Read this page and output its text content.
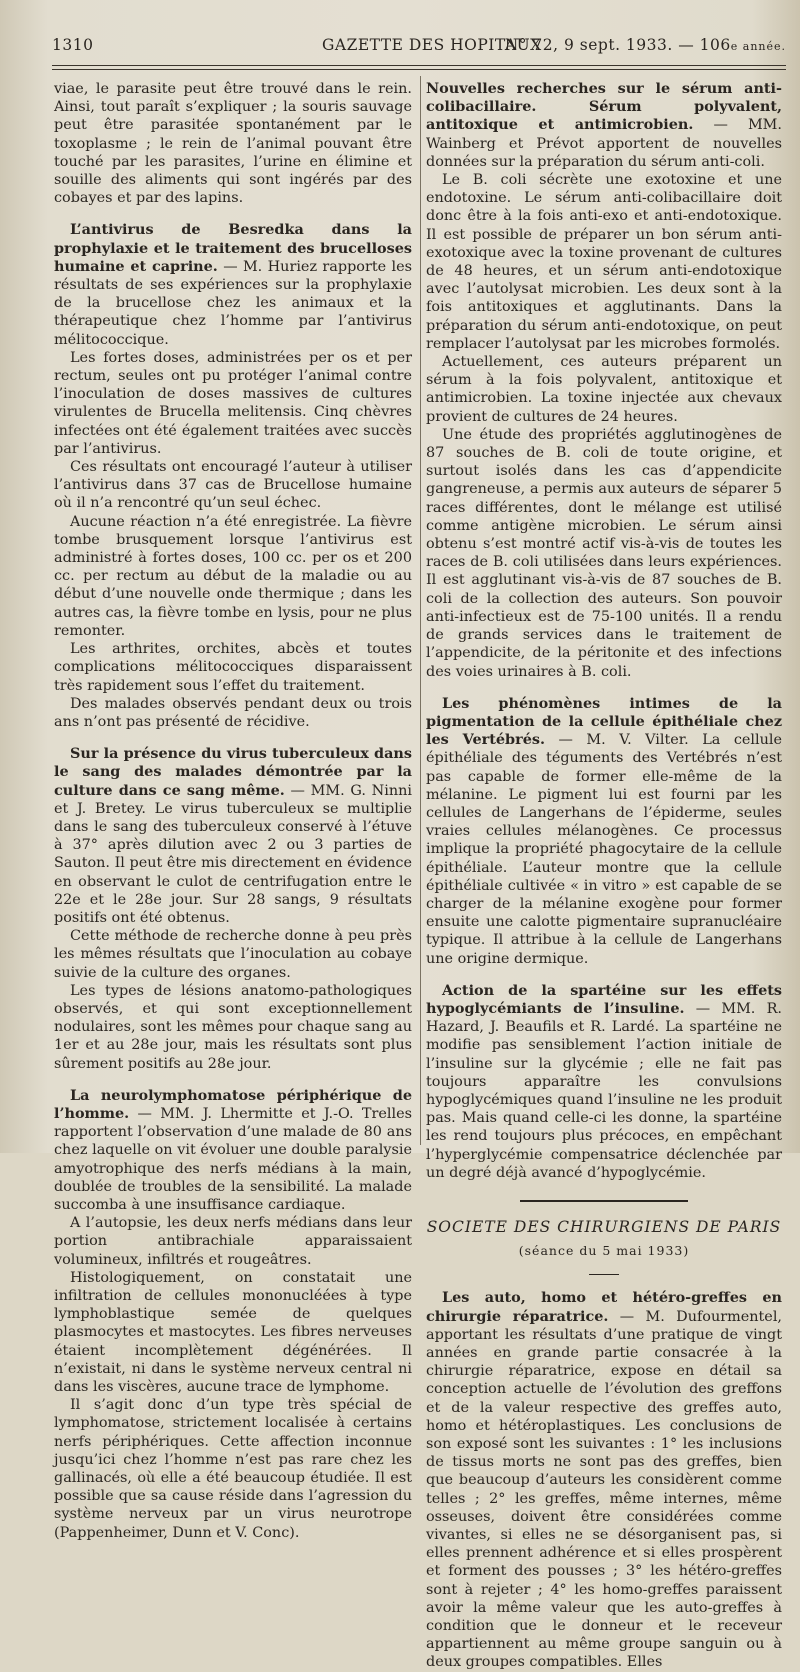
1310	GAZETTE DES HOPITAUX
N° 72, 9 sept. 1933. — 106e année.

viae, le parasite peut être trouvé dans le rein. Ainsi, tout paraît s’expliquer ; la souris sauvage peut être parasitée spontanément par le toxoplasme ; le rein de l’animal pouvant être touché par les parasites, l’urine en élimine et souille des aliments qui sont ingérés par des cobayes et par des lapins.

L’antivirus de Besredka dans la prophylaxie et le traitement des brucelloses humaine et caprine. — M. Huriez rapporte les résultats de ses expériences sur la prophylaxie de la brucellose chez les animaux et la thérapeutique chez l’homme par l’antivirus mélitococcique.

Les fortes doses, administrées per os et per rectum, seules ont pu protéger l’animal contre l’inoculation de doses massives de cultures virulentes de Brucella melitensis. Cinq chèvres infectées ont été également traitées avec succès par l’antivirus.

Ces résultats ont encouragé l’auteur à utiliser l’antivirus dans 37 cas de Brucellose humaine où il n’a rencontré qu’un seul échec.

Aucune réaction n’a été enregistrée. La fièvre tombe brusquement lorsque l’antivirus est administré à fortes doses, 100 cc. per os et 200 cc. per rectum au début de la maladie ou au début d’une nouvelle onde thermique ; dans les autres cas, la fièvre tombe en lysis, pour ne plus remonter.

Les arthrites, orchites, abcès et toutes complications mélitococciques disparaissent très rapidement sous l’effet du traitement.

Des malades observés pendant deux ou trois ans n’ont pas présenté de récidive.

Sur la présence du virus tuberculeux dans le sang des malades démontrée par la culture dans ce sang même. — MM. G. Ninni et J. Bretey. Le virus tuberculeux se multiplie dans le sang des tuberculeux conservé à l’étuve à 37° après dilution avec 2 ou 3 parties de Sauton. Il peut être mis directement en évidence en observant le culot de centrifugation entre le 22e et le 28e jour. Sur 28 sangs, 9 résultats positifs ont été obtenus.

Cette méthode de recherche donne à peu près les mêmes résultats que l’inoculation au cobaye suivie de la culture des organes.

Les types de lésions anatomo-pathologiques observés, et qui sont exceptionnellement nodulaires, sont les mêmes pour chaque sang au 1er et au 28e jour, mais les résultats sont plus sûrement positifs au 28e jour.

La neurolymphomatose périphérique de l’homme. — MM. J. Lhermitte et J.-O. Trelles rapportent l’observation d’une malade de 80 ans chez laquelle on vit évoluer une double paralysie amyotrophique des nerfs médians à la main, doublée de troubles de la sensibilité. La malade succomba à une insuffisance cardiaque.

A l’autopsie, les deux nerfs médians dans leur portion antibrachiale apparaissaient volumineux, infiltrés et rougeâtres.

Histologiquement, on constatait une infiltration de cellules mononucléées à type lymphoblastique semée de quelques plasmocytes et mastocytes. Les fibres nerveuses étaient incomplètement dégénérées. Il n’existait, ni dans le système nerveux central ni dans les viscères, aucune trace de lymphome.

Il s’agit donc d’un type très spécial de lymphomatose, strictement localisée à certains nerfs périphériques. Cette affection inconnue jusqu’ici chez l’homme n’est pas rare chez les gallinacés, où elle a été beaucoup étudiée. Il est possible que sa cause réside dans l’agression du système nerveux par un virus neurotrope (Pappenheimer, Dunn et V. Conc).

Nouvelles recherches sur le sérum anti-colibacillaire. Sérum polyvalent, antitoxique et antimicrobien. — MM. Wainberg et Prévot apportent de nouvelles données sur la préparation du sérum anti-coli.

Le B. coli sécrète une exotoxine et une endotoxine. Le sérum anti-colibacillaire doit donc être à la fois anti-exo et anti-endotoxique. Il est possible de préparer un bon sérum anti-exotoxique avec la toxine provenant de cultures de 48 heures, et un sérum anti-endotoxique avec l’autolysat microbien. Les deux sont à la fois antitoxiques et agglutinants. Dans la préparation du sérum anti-endotoxique, on peut remplacer l’autolysat par les microbes formolés.

Actuellement, ces auteurs préparent un sérum à la fois polyvalent, antitoxique et antimicrobien. La toxine injectée aux chevaux provient de cultures de 24 heures.

Une étude des propriétés agglutinogènes de 87 souches de B. coli de toute origine, et surtout isolés dans les cas d’appendicite gangreneuse, a permis aux auteurs de séparer 5 races différentes, dont le mélange est utilisé comme antigène microbien. Le sérum ainsi obtenu s’est montré actif vis-à-vis de toutes les races de B. coli utilisées dans leurs expériences. Il est agglutinant vis-à-vis de 87 souches de B. coli de la collection des auteurs. Son pouvoir anti-infectieux est de 75-100 unités. Il a rendu de grands services dans le traitement de l’appendicite, de la péritonite et des infections des voies urinaires à B. coli.

Les phénomènes intimes de la pigmentation de la cellule épithéliale chez les Vertébrés. — M. V. Vilter. La cellule épithéliale des téguments des Vertébrés n’est pas capable de former elle-même de la mélanine. Le pigment lui est fourni par les cellules de Langerhans de l’épiderme, seules vraies cellules mélanogènes. Ce processus implique la propriété phagocytaire de la cellule épithéliale. L’auteur montre que la cellule épithéliale cultivée « in vitro » est capable de se charger de la mélanine exogène pour former ensuite une calotte pigmentaire supranucléaire typique. Il attribue à la cellule de Langerhans une origine dermique.

Action de la spartéine sur les effets hypoglycémiants de l’insuline. — MM. R. Hazard, J. Beaufils et R. Lardé. La spartéine ne modifie pas sensiblement l’action initiale de l’insuline sur la glycémie ; elle ne fait pas toujours apparaître les convulsions hypoglycémiques quand l’insuline ne les produit pas. Mais quand celle-ci les donne, la spartéine les rend toujours plus précoces, en empêchant l’hyperglycémie compensatrice déclenchée par un degré déjà avancé d’hypoglycémie.

SOCIETE DES CHIRURGIENS DE PARIS
(séance du 5 mai 1933)

Les auto, homo et hétéro-greffes en chirurgie réparatrice. — M. Dufourmentel, apportant les résultats d’une pratique de vingt années en grande partie consacrée à la chirurgie réparatrice, expose en détail sa conception actuelle de l’évolution des greffons et de la valeur respective des greffes auto, homo et hétéroplastiques. Les conclusions de son exposé sont les suivantes : 1° les inclusions de tissus morts ne sont pas des greffes, bien que beaucoup d’auteurs les considèrent comme telles ; 2° les greffes, même internes, même osseuses, doivent être considérées comme vivantes, si elles ne se désorganisent pas, si elles prennent adhérence et si elles prospèrent et forment des pousses ; 3° les hétéro-greffes sont à rejeter ; 4° les homo-greffes paraissent avoir la même valeur que les auto-greffes à condition que le donneur et le receveur appartiennent au même groupe sanguin ou à deux groupes compatibles. Elles
